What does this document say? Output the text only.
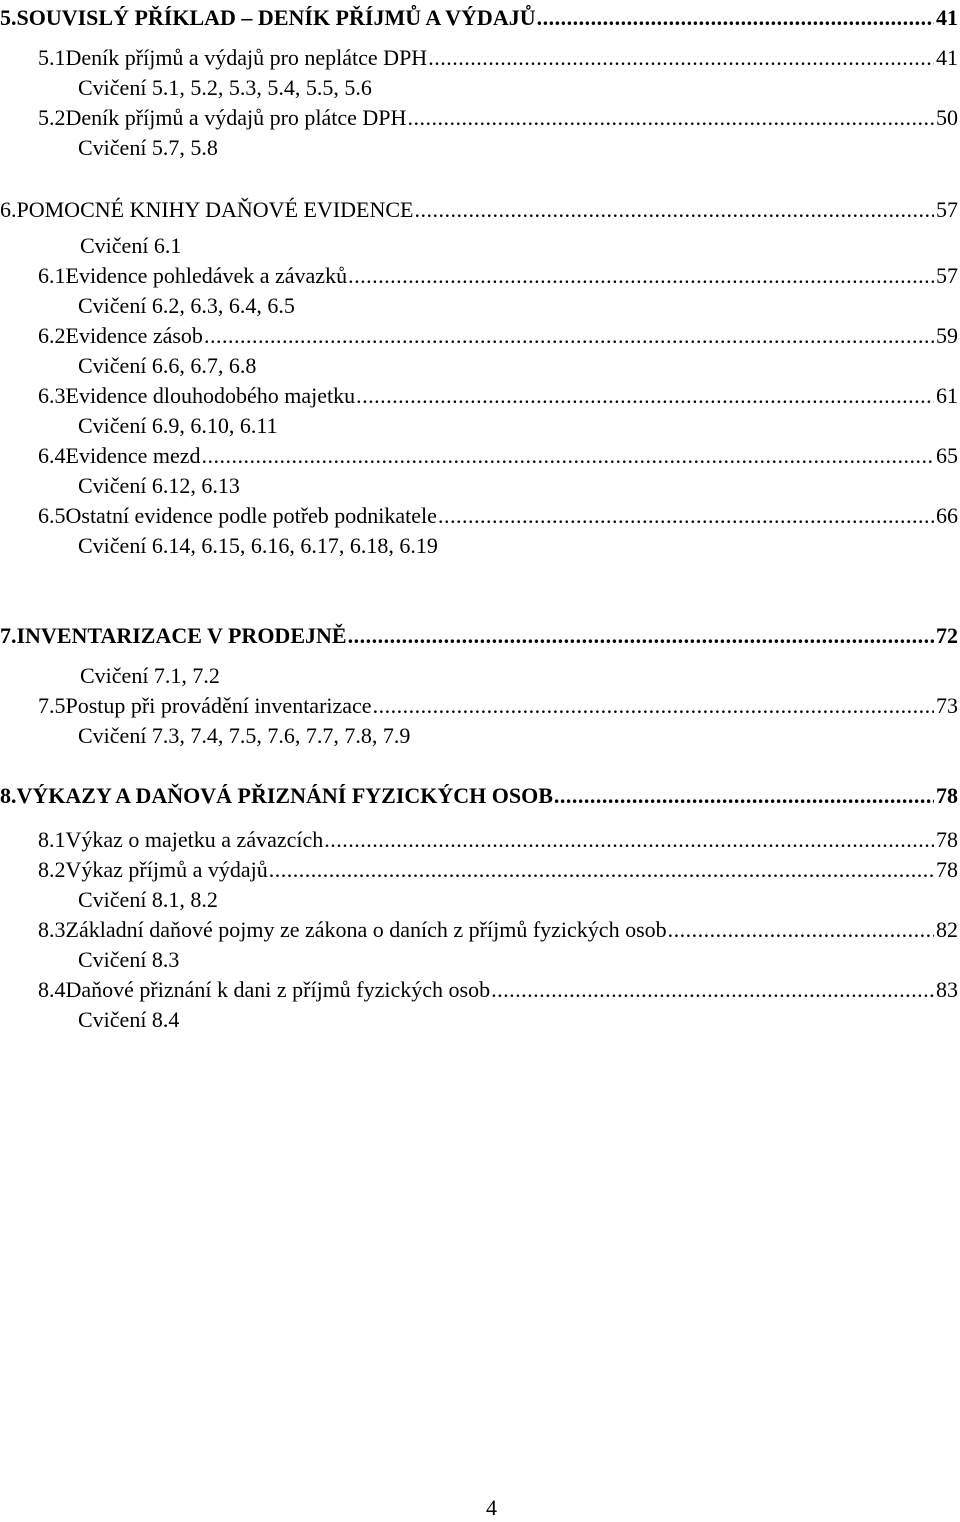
5. SOUVISLÝ PŘÍKLAD – DENÍK PŘÍJMŮ A VÝDAJŮ .....	41
5.1 Deník příjmů a výdajů pro neplátce DPH .....	41
Cvičení 5.1, 5.2, 5.3, 5.4, 5.5, 5.6
5.2 Deník příjmů a výdajů pro plátce DPH .....	50
Cvičení 5.7, 5.8
6. POMOCNÉ KNIHY DAŇOVÉ EVIDENCE .....	57
Cvičení 6.1
6.1 Evidence pohledávek a závazků .....	57
Cvičení 6.2, 6.3, 6.4, 6.5
6.2 Evidence zásob .....	59
Cvičení 6.6, 6.7, 6.8
6.3 Evidence dlouhodobého majetku .....	61
Cvičení 6.9, 6.10, 6.11
6.4 Evidence mezd .....	65
Cvičení 6.12, 6.13
6.5 Ostatní evidence podle potřeb podnikatele .....	66
Cvičení 6.14, 6.15, 6.16, 6.17, 6.18, 6.19
7. INVENTARIZACE V PRODEJNĚ .....	72
Cvičení 7.1, 7.2
7.5 Postup při provádění inventarizace .....	73
Cvičení 7.3, 7.4, 7.5, 7.6, 7.7, 7.8, 7.9
8. VÝKAZY A DAŇOVÁ PŘIZNÁNÍ FYZICKÝCH OSOB .....	78
8.1 Výkaz o majetku a závazcích .....	78
8.2 Výkaz příjmů a výdajů .....	78
Cvičení 8.1, 8.2
8.3 Základní daňové pojmy ze zákona o daních z příjmů fyzických osob .....	82
Cvičení 8.3
8.4 Daňové přiznání k dani z příjmů fyzických osob .....	83
Cvičení 8.4
4
